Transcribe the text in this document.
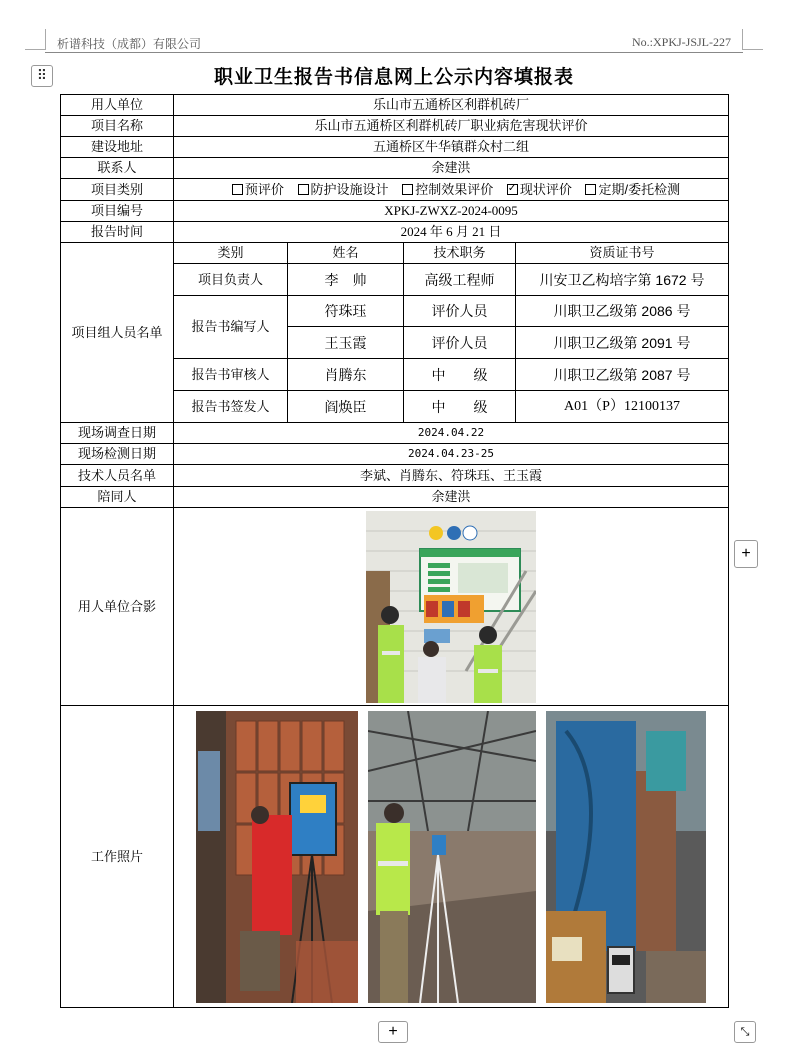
析谱科技（成都）有限公司	No.:XPKJ-JSJL-227
⠿	职业卫生报告书信息网上公示内容填报表
用人单位	乐山市五通桥区利群机砖厂			
项目名称	乐山市五通桥区利群机砖厂职业病危害现状评价			
建设地址	五通桥区牛华镇群众村二组			
联系人	余建洪			
项目类别	预评价 防护设施设计 控制效果评价 ✓ 现状评价 定期/委托检测
项目编号	XPKJ-ZWXZ-2024-0095			
报告时间	2024 年 6 月 21 日			
项目组人员名单	类别	姓名	技术职务	资质证书号
	项目负责人	李　帅	高级工程师	川安卫乙构培字第 1672 号
	报告书编写人	符珠珏	评价人员	川职卫乙级第 2086 号
		王玉霞	评价人员	川职卫乙级第 2091 号
	报告书审核人	肖腾东	中　　级	川职卫乙级第 2087 号
	报告书签发人	阎焕臣	中　　级	A01（P）12100137
现场调查日期	2024.04.22			
现场检测日期	2024.04.23-25			
技术人员名单	李斌、肖腾东、符珠珏、王玉霞			
陪同人	余建洪			
用人单位合影	
工作照片	
+
+	⤡
